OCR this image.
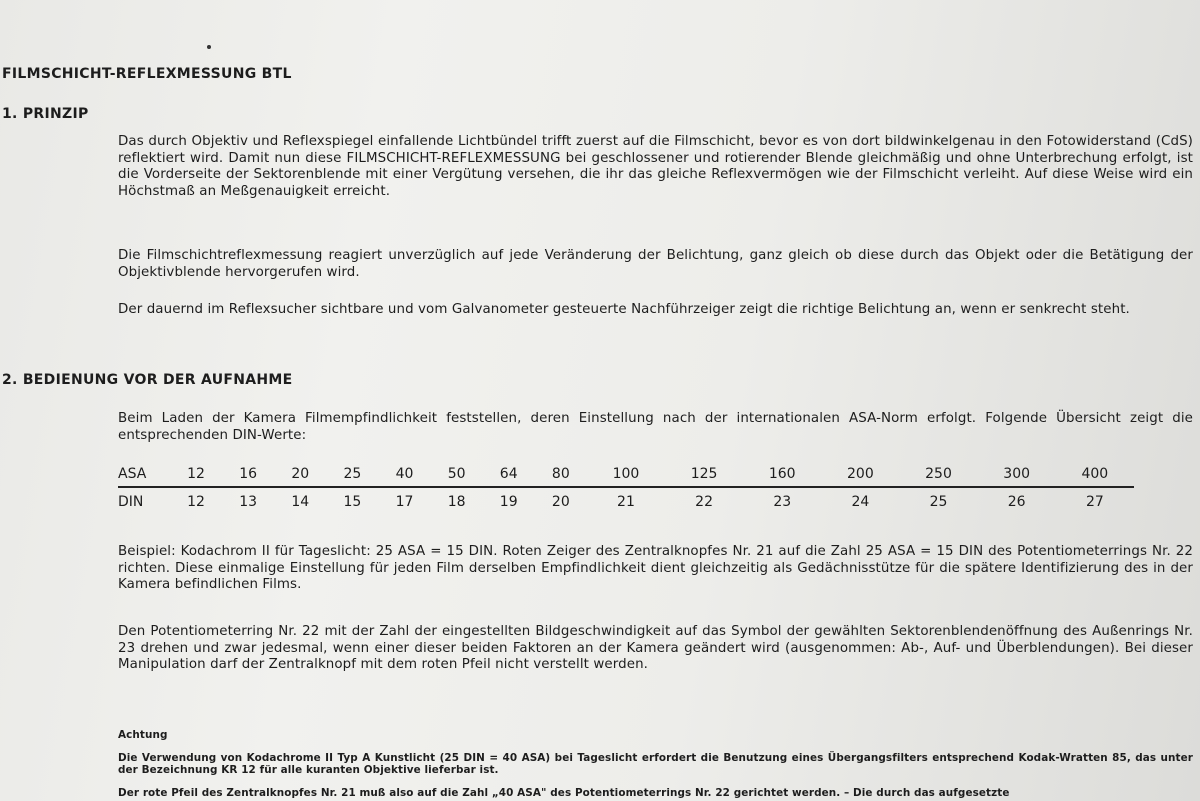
FILMSCHICHT-REFLEXMESSUNG BTL
1. PRINZIP
Das durch Objektiv und Reflexspiegel einfallende Lichtbündel trifft zuerst auf die Filmschicht, bevor es von dort bildwinkelgenau in den Fotowiderstand (CdS) reflektiert wird. Damit nun diese FILMSCHICHT-REFLEXMESSUNG bei geschlossener und rotierender Blende gleichmäßig und ohne Unterbrechung erfolgt, ist die Vorderseite der Sektorenblende mit einer Vergütung versehen, die ihr das gleiche Reflexvermögen wie der Filmschicht verleiht. Auf diese Weise wird ein Höchstmaß an Meßgenauigkeit erreicht.
Die Filmschichtreflexmessung reagiert unverzüglich auf jede Veränderung der Belichtung, ganz gleich ob diese durch das Objekt oder die Betätigung der Objektivblende hervorgerufen wird.
Der dauernd im Reflexsucher sichtbare und vom Galvanometer gesteuerte Nachführzeiger zeigt die richtige Belichtung an, wenn er senkrecht steht.
2. BEDIENUNG VOR DER AUFNAHME
Beim Laden der Kamera Filmempfindlichkeit feststellen, deren Einstellung nach der internationalen ASA-Norm erfolgt. Folgende Übersicht zeigt die entsprechenden DIN-Werte:
ASA	12	16	20	25	40	50	64	80	100	125	160	200	250	300	400
DIN	12	13	14	15	17	18	19	20	21	22	23	24	25	26	27
Beispiel: Kodachrom II für Tageslicht: 25 ASA = 15 DIN. Roten Zeiger des Zentralknopfes Nr. 21 auf die Zahl 25 ASA = 15 DIN des Potentiometerrings Nr. 22 richten. Diese einmalige Einstellung für jeden Film derselben Empfindlichkeit dient gleichzeitig als Gedächnisstütze für die spätere Identifizierung des in der Kamera befindlichen Films.
Den Potentiometerring Nr. 22 mit der Zahl der eingestellten Bildgeschwindigkeit auf das Symbol der gewählten Sektorenblendenöffnung des Außenrings Nr. 23 drehen und zwar jedesmal, wenn einer dieser beiden Faktoren an der Kamera geändert wird (ausgenommen: Ab-, Auf- und Überblendungen). Bei dieser Manipulation darf der Zentralknopf mit dem roten Pfeil nicht verstellt werden.
Achtung
Die Verwendung von Kodachrome II Typ A Kunstlicht (25 DIN = 40 ASA) bei Tageslicht erfordert die Benutzung eines Übergangsfilters entsprechend Kodak-Wratten 85, das unter der Bezeichnung KR 12 für alle kuranten Objektive lieferbar ist.
Der rote Pfeil des Zentralknopfes Nr. 21 muß also auf die Zahl „40 ASA" des Potentiometerrings Nr. 22 gerichtet werden. – Die durch das aufgesetzte
